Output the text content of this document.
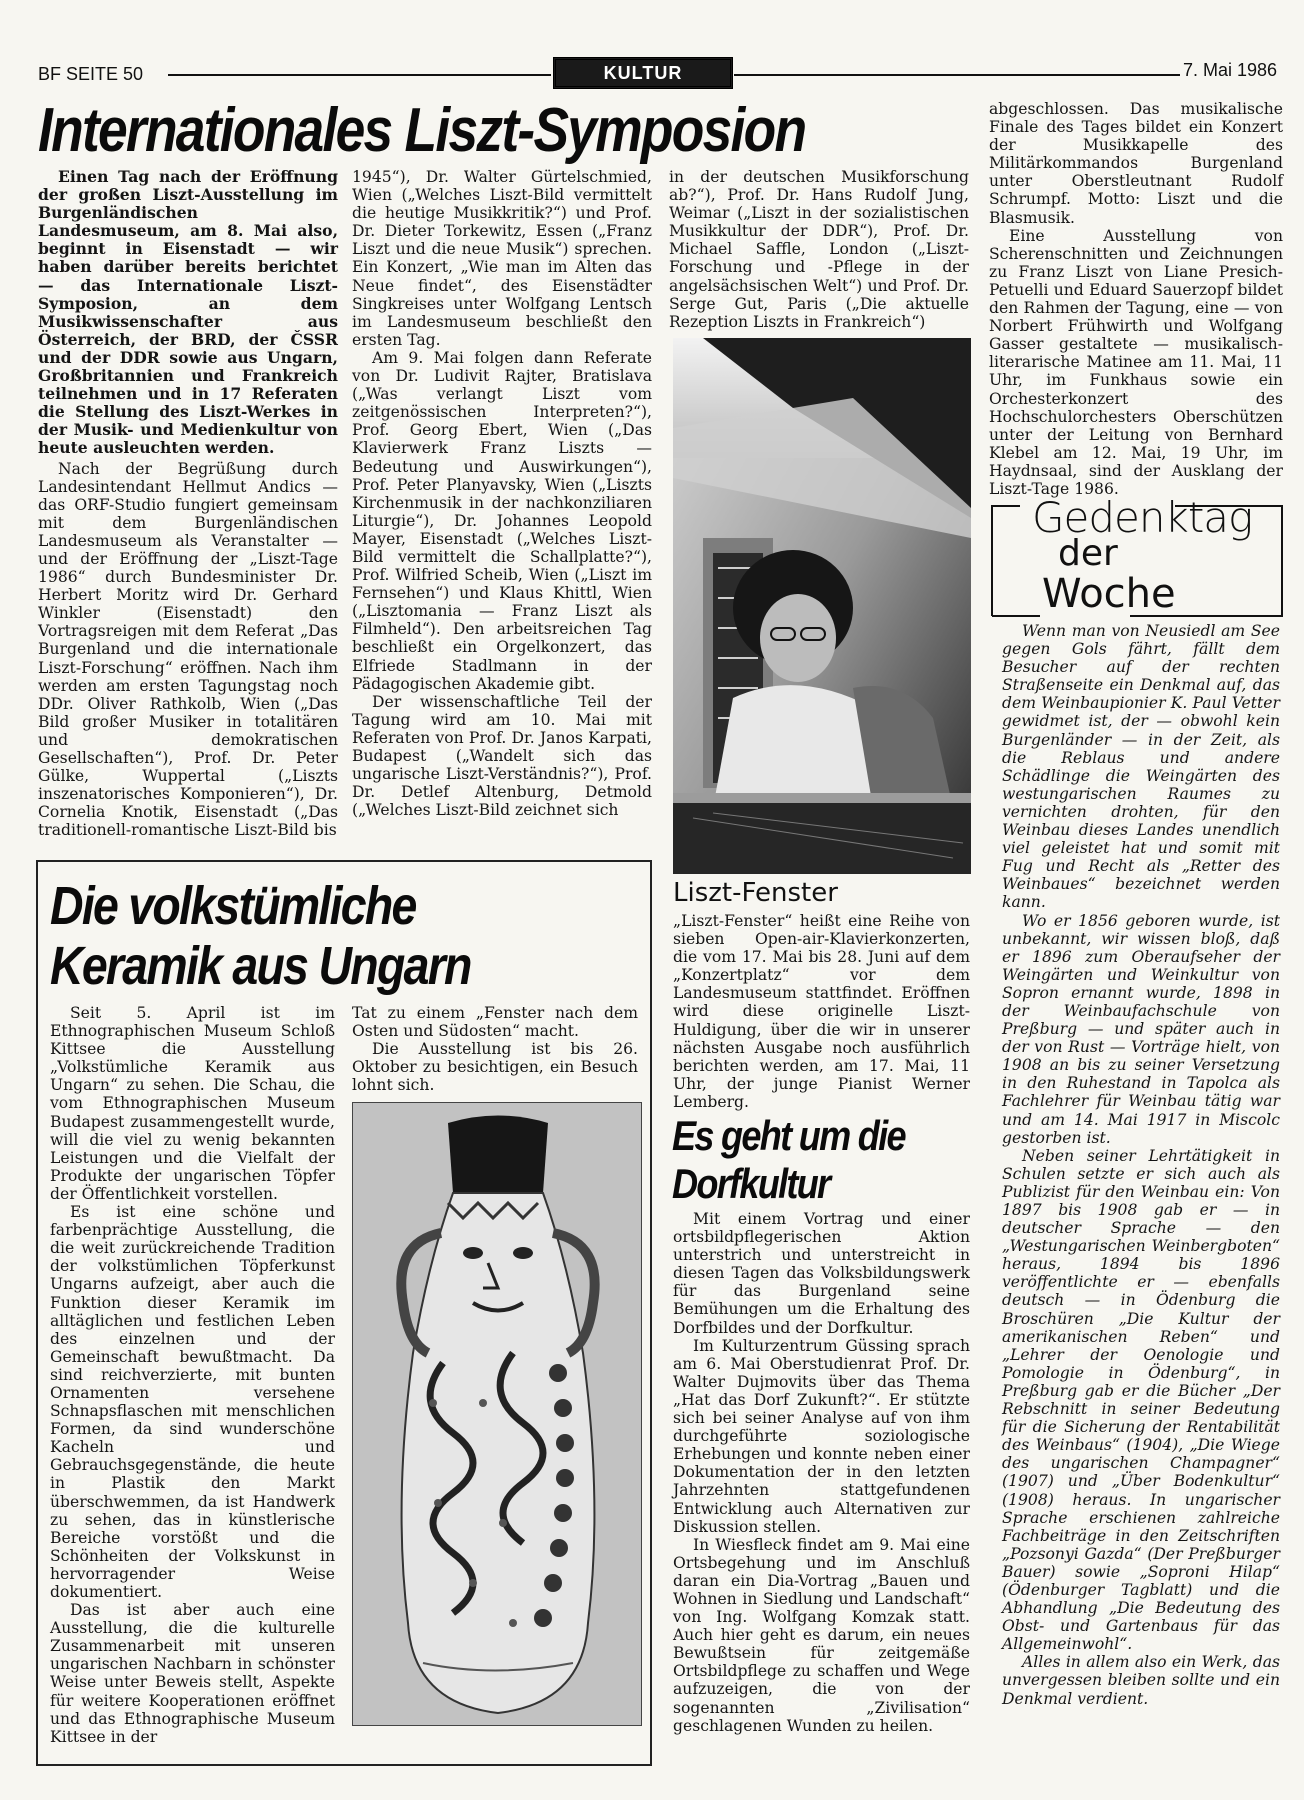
BF SEITE 50	KULTUR	7. Mai 1986
Internationales Liszt-Symposion

Einen Tag nach der Eröffnung der großen Liszt-Ausstellung im Burgenländischen Landesmuseum, am 8. Mai also, beginnt in Eisenstadt — wir haben darüber bereits berichtet — das Internationale Liszt-Symposion, an dem Musikwissenschafter aus Österreich, der BRD, der ČSSR und der DDR sowie aus Ungarn, Großbritannien und Frankreich teilnehmen und in 17 Referaten die Stellung des Liszt-Werkes in der Musik- und Medienkultur von heute ausleuchten werden.

Nach der Begrüßung durch Landesintendant Hellmut Andics — das ORF-Studio fungiert gemeinsam mit dem Burgenländischen Landesmuseum als Veranstalter — und der Eröffnung der „Liszt-Tage 1986“ durch Bundesminister Dr. Herbert Moritz wird Dr. Gerhard Winkler (Eisenstadt) den Vortragsreigen mit dem Referat „Das Burgenland und die internationale Liszt-Forschung“ eröffnen. Nach ihm werden am ersten Tagungstag noch DDr. Oliver Rathkolb, Wien („Das Bild großer Musiker in totalitären und demokratischen Gesellschaften“), Prof. Dr. Peter Gülke, Wuppertal („Liszts inszenatorisches Komponieren“), Dr. Cornelia Knotik, Eisenstadt („Das traditionell-romantische Liszt-Bild bis

1945“), Dr. Walter Gürtelschmied, Wien („Welches Liszt-Bild vermittelt die heutige Musikkritik?“) und Prof. Dr. Dieter Torkewitz, Essen („Franz Liszt und die neue Musik“) sprechen. Ein Konzert, „Wie man im Alten das Neue findet“, des Eisenstädter Singkreises unter Wolfgang Lentsch im Landesmuseum beschließt den ersten Tag.

Am 9. Mai folgen dann Referate von Dr. Ludivit Rajter, Bratislava („Was verlangt Liszt vom zeitgenössischen Interpreten?“), Prof. Georg Ebert, Wien („Das Klavierwerk Franz Liszts — Bedeutung und Auswirkungen“), Prof. Peter Planyavsky, Wien („Liszts Kirchenmusik in der nachkonziliaren Liturgie“), Dr. Johannes Leopold Mayer, Eisenstadt („Welches Liszt-Bild vermittelt die Schallplatte?“), Prof. Wilfried Scheib, Wien („Liszt im Fernsehen“) und Klaus Khittl, Wien („Lisztomania — Franz Liszt als Filmheld“). Den arbeitsreichen Tag beschließt ein Orgelkonzert, das Elfriede Stadlmann in der Pädagogischen Akademie gibt.

Der wissenschaftliche Teil der Tagung wird am 10. Mai mit Referaten von Prof. Dr. Janos Karpati, Budapest („Wandelt sich das ungarische Liszt-Verständnis?“), Prof. Dr. Detlef Altenburg, Detmold („Welches Liszt-Bild zeichnet sich

in der deutschen Musikforschung ab?“), Prof. Dr. Hans Rudolf Jung, Weimar („Liszt in der sozialistischen Musikkultur der DDR“), Prof. Dr. Michael Saffle, London („Liszt-Forschung und -Pflege in der angelsächsischen Welt“) und Prof. Dr. Serge Gut, Paris („Die aktuelle Rezeption Liszts in Frankreich“)

abgeschlossen. Das musikalische Finale des Tages bildet ein Konzert der Musikkapelle des Militärkommandos Burgenland unter Oberstleutnant Rudolf Schrumpf. Motto: Liszt und die Blasmusik.

Eine Ausstellung von Scherenschnitten und Zeichnungen zu Franz Liszt von Liane Presich-Petuelli und Eduard Sauerzopf bildet den Rahmen der Tagung, eine — von Norbert Frühwirth und Wolfgang Gasser gestaltete — musikalisch-literarische Matinee am 11. Mai, 11 Uhr, im Funkhaus sowie ein Orchesterkonzert des Hochschulorchesters Oberschützen unter der Leitung von Bernhard Klebel am 12. Mai, 19 Uhr, im Haydnsaal, sind der Ausklang der Liszt-Tage 1986.

Gedenktag
der
Woche

Wenn man von Neusiedl am See gegen Gols fährt, fällt dem Besucher auf der rechten Straßenseite ein Denkmal auf, das dem Weinbaupionier K. Paul Vetter gewidmet ist, der — obwohl kein Burgenländer — in der Zeit, als die Reblaus und andere Schädlinge die Weingärten des westungarischen Raumes zu vernichten drohten, für den Weinbau dieses Landes unendlich viel geleistet hat und somit mit Fug und Recht als „Retter des Weinbaues“ bezeichnet werden kann.

Wo er 1856 geboren wurde, ist unbekannt, wir wissen bloß, daß er 1896 zum Oberaufseher der Weingärten und Weinkultur von Sopron ernannt wurde, 1898 in der Weinbaufachschule von Preßburg — und später auch in der von Rust — Vorträge hielt, von 1908 an bis zu seiner Versetzung in den Ruhestand in Tapolca als Fachlehrer für Weinbau tätig war und am 14. Mai 1917 in Miscolc gestorben ist.

Neben seiner Lehrtätigkeit in Schulen setzte er sich auch als Publizist für den Weinbau ein: Von 1897 bis 1908 gab er — in deutscher Sprache — den „Westungarischen Weinbergboten“ heraus, 1894 bis 1896 veröffentlichte er — ebenfalls deutsch — in Ödenburg die Broschüren „Die Kultur der amerikanischen Reben“ und „Lehrer der Oenologie und Pomologie in Ödenburg“, in Preßburg gab er die Bücher „Der Rebschnitt in seiner Bedeutung für die Sicherung der Rentabilität des Weinbaus“ (1904), „Die Wiege des ungarischen Champagner“ (1907) und „Über Bodenkultur“ (1908) heraus. In ungarischer Sprache erschienen zahlreiche Fachbeiträge in den Zeitschriften „Pozsonyi Gazda“ (Der Preßburger Bauer) sowie „Soproni Hilap“ (Ödenburger Tagblatt) und die Abhandlung „Die Bedeutung des Obst- und Gartenbaus für das Allgemeinwohl“.

Alles in allem also ein Werk, das unvergessen bleiben sollte und ein Denkmal verdient.

Die volkstümliche
Keramik aus Ungarn

Seit 5. April ist im Ethnographischen Museum Schloß Kittsee die Ausstellung „Volkstümliche Keramik aus Ungarn“ zu sehen. Die Schau, die vom Ethnographischen Museum Budapest zusammengestellt wurde, will die viel zu wenig bekannten Leistungen und die Vielfalt der Produkte der ungarischen Töpfer der Öffentlichkeit vorstellen.

Es ist eine schöne und farbenprächtige Ausstellung, die die weit zurückreichende Tradition der volkstümlichen Töpferkunst Ungarns aufzeigt, aber auch die Funktion dieser Keramik im alltäglichen und festlichen Leben des einzelnen und der Gemeinschaft bewußtmacht. Da sind reichverzierte, mit bunten Ornamenten versehene Schnapsflaschen mit menschlichen Formen, da sind wunderschöne Kacheln und Gebrauchsgegenstände, die heute in Plastik den Markt überschwemmen, da ist Handwerk zu sehen, das in künstlerische Bereiche vorstößt und die Schönheiten der Volkskunst in hervorragender Weise dokumentiert.

Das ist aber auch eine Ausstellung, die die kulturelle Zusammenarbeit mit unseren ungarischen Nachbarn in schönster Weise unter Beweis stellt, Aspekte für weitere Kooperationen eröffnet und das Ethnographische Museum Kittsee in der

Tat zu einem „Fenster nach dem Osten und Südosten“ macht.

Die Ausstellung ist bis 26. Oktober zu besichtigen, ein Besuch lohnt sich.

Liszt-Fenster

„Liszt-Fenster“ heißt eine Reihe von sieben Open-air-Klavierkonzerten, die vom 17. Mai bis 28. Juni auf dem „Konzertplatz“ vor dem Landesmuseum stattfindet. Eröffnen wird diese originelle Liszt-Huldigung, über die wir in unserer nächsten Ausgabe noch ausführlich berichten werden, am 17. Mai, 11 Uhr, der junge Pianist Werner Lemberg.

Es geht um die
Dorfkultur

Mit einem Vortrag und einer ortsbildpflegerischen Aktion unterstrich und unterstreicht in diesen Tagen das Volksbildungswerk für das Burgenland seine Bemühungen um die Erhaltung des Dorfbildes und der Dorfkultur.

Im Kulturzentrum Güssing sprach am 6. Mai Oberstudienrat Prof. Dr. Walter Dujmovits über das Thema „Hat das Dorf Zukunft?“. Er stützte sich bei seiner Analyse auf von ihm durchgeführte soziologische Erhebungen und konnte neben einer Dokumentation der in den letzten Jahrzehnten stattgefundenen Entwicklung auch Alternativen zur Diskussion stellen.

In Wiesfleck findet am 9. Mai eine Ortsbegehung und im Anschluß daran ein Dia-Vortrag „Bauen und Wohnen in Siedlung und Landschaft“ von Ing. Wolfgang Komzak statt. Auch hier geht es darum, ein neues Bewußtsein für zeitgemäße Ortsbildpflege zu schaffen und Wege aufzuzeigen, die von der sogenannten „Zivilisation“ geschlagenen Wunden zu heilen.
